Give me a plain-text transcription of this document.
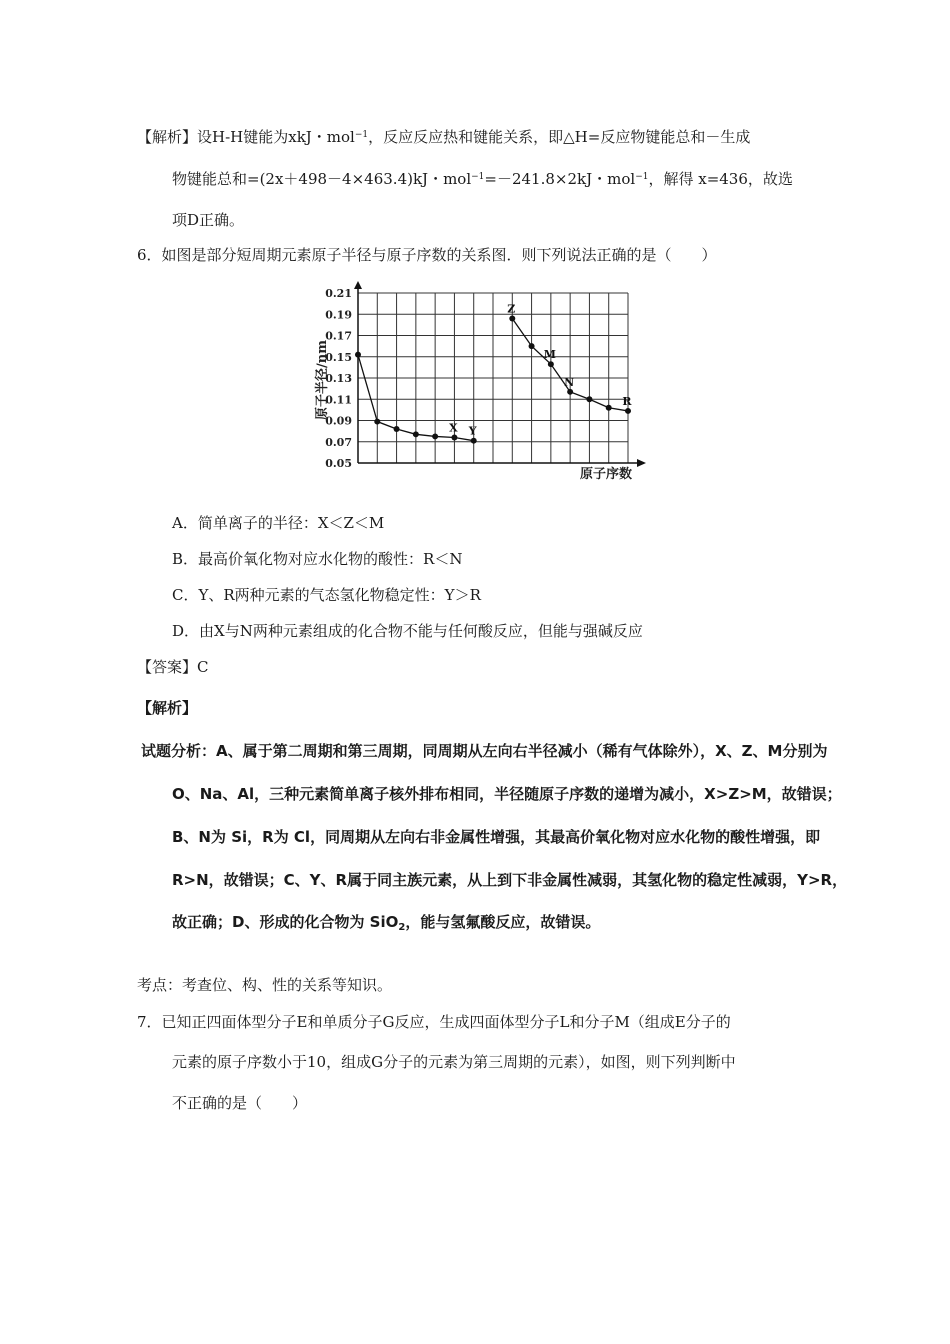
【解析】设H-H键能为xkJ・mol$^{-1}$，反应反应热和键能关系，即△H=反应物键能总和－生成
物键能总和=(2x＋498－4×463.4)kJ・mol$^{-1}$=－241.8×2kJ・mol$^{-1}$，解得 x=436，故选
项D正确。
6．如图是部分短周期元素原子半径与原子序数的关系图．则下列说法正确的是（　　）
0.21
0.19
0.17
0.15
0.13
0.11
0.09
0.07
0.05
X Y
Z
M
N
R
原子半径/nm
原子序数
A．简单离子的半径：X＜Z＜M
B．最高价氧化物对应水化物的酸性：R＜N
C．Y、R两种元素的气态氢化物稳定性：Y＞R
D．由X与N两种元素组成的化合物不能与任何酸反应，但能与强碱反应
【答案】C
【解析】
试题分析：A、属于第二周期和第三周期，同周期从左向右半径减小（稀有气体除外），X、Z、M分别为
O、Na、Al，三种元素简单离子核外排布相同，半径随原子序数的递增为减小，X>Z>M，故错误；
B、N为 Si，R为 Cl，同周期从左向右非金属性增强，其最高价氧化物对应水化物的酸性增强，即
R>N，故错误；C、Y、R属于同主族元素，从上到下非金属性减弱，其氢化物的稳定性减弱，Y>R，
故正确；D、形成的化合物为 SiO$_2$，能与氢氟酸反应，故错误。
考点：考查位、构、性的关系等知识。
7．已知正四面体型分子E和单质分子G反应，生成四面体型分子L和分子M（组成E分子的
元素的原子序数小于10，组成G分子的元素为第三周期的元素），如图，则下列判断中
不正确的是（　　）
